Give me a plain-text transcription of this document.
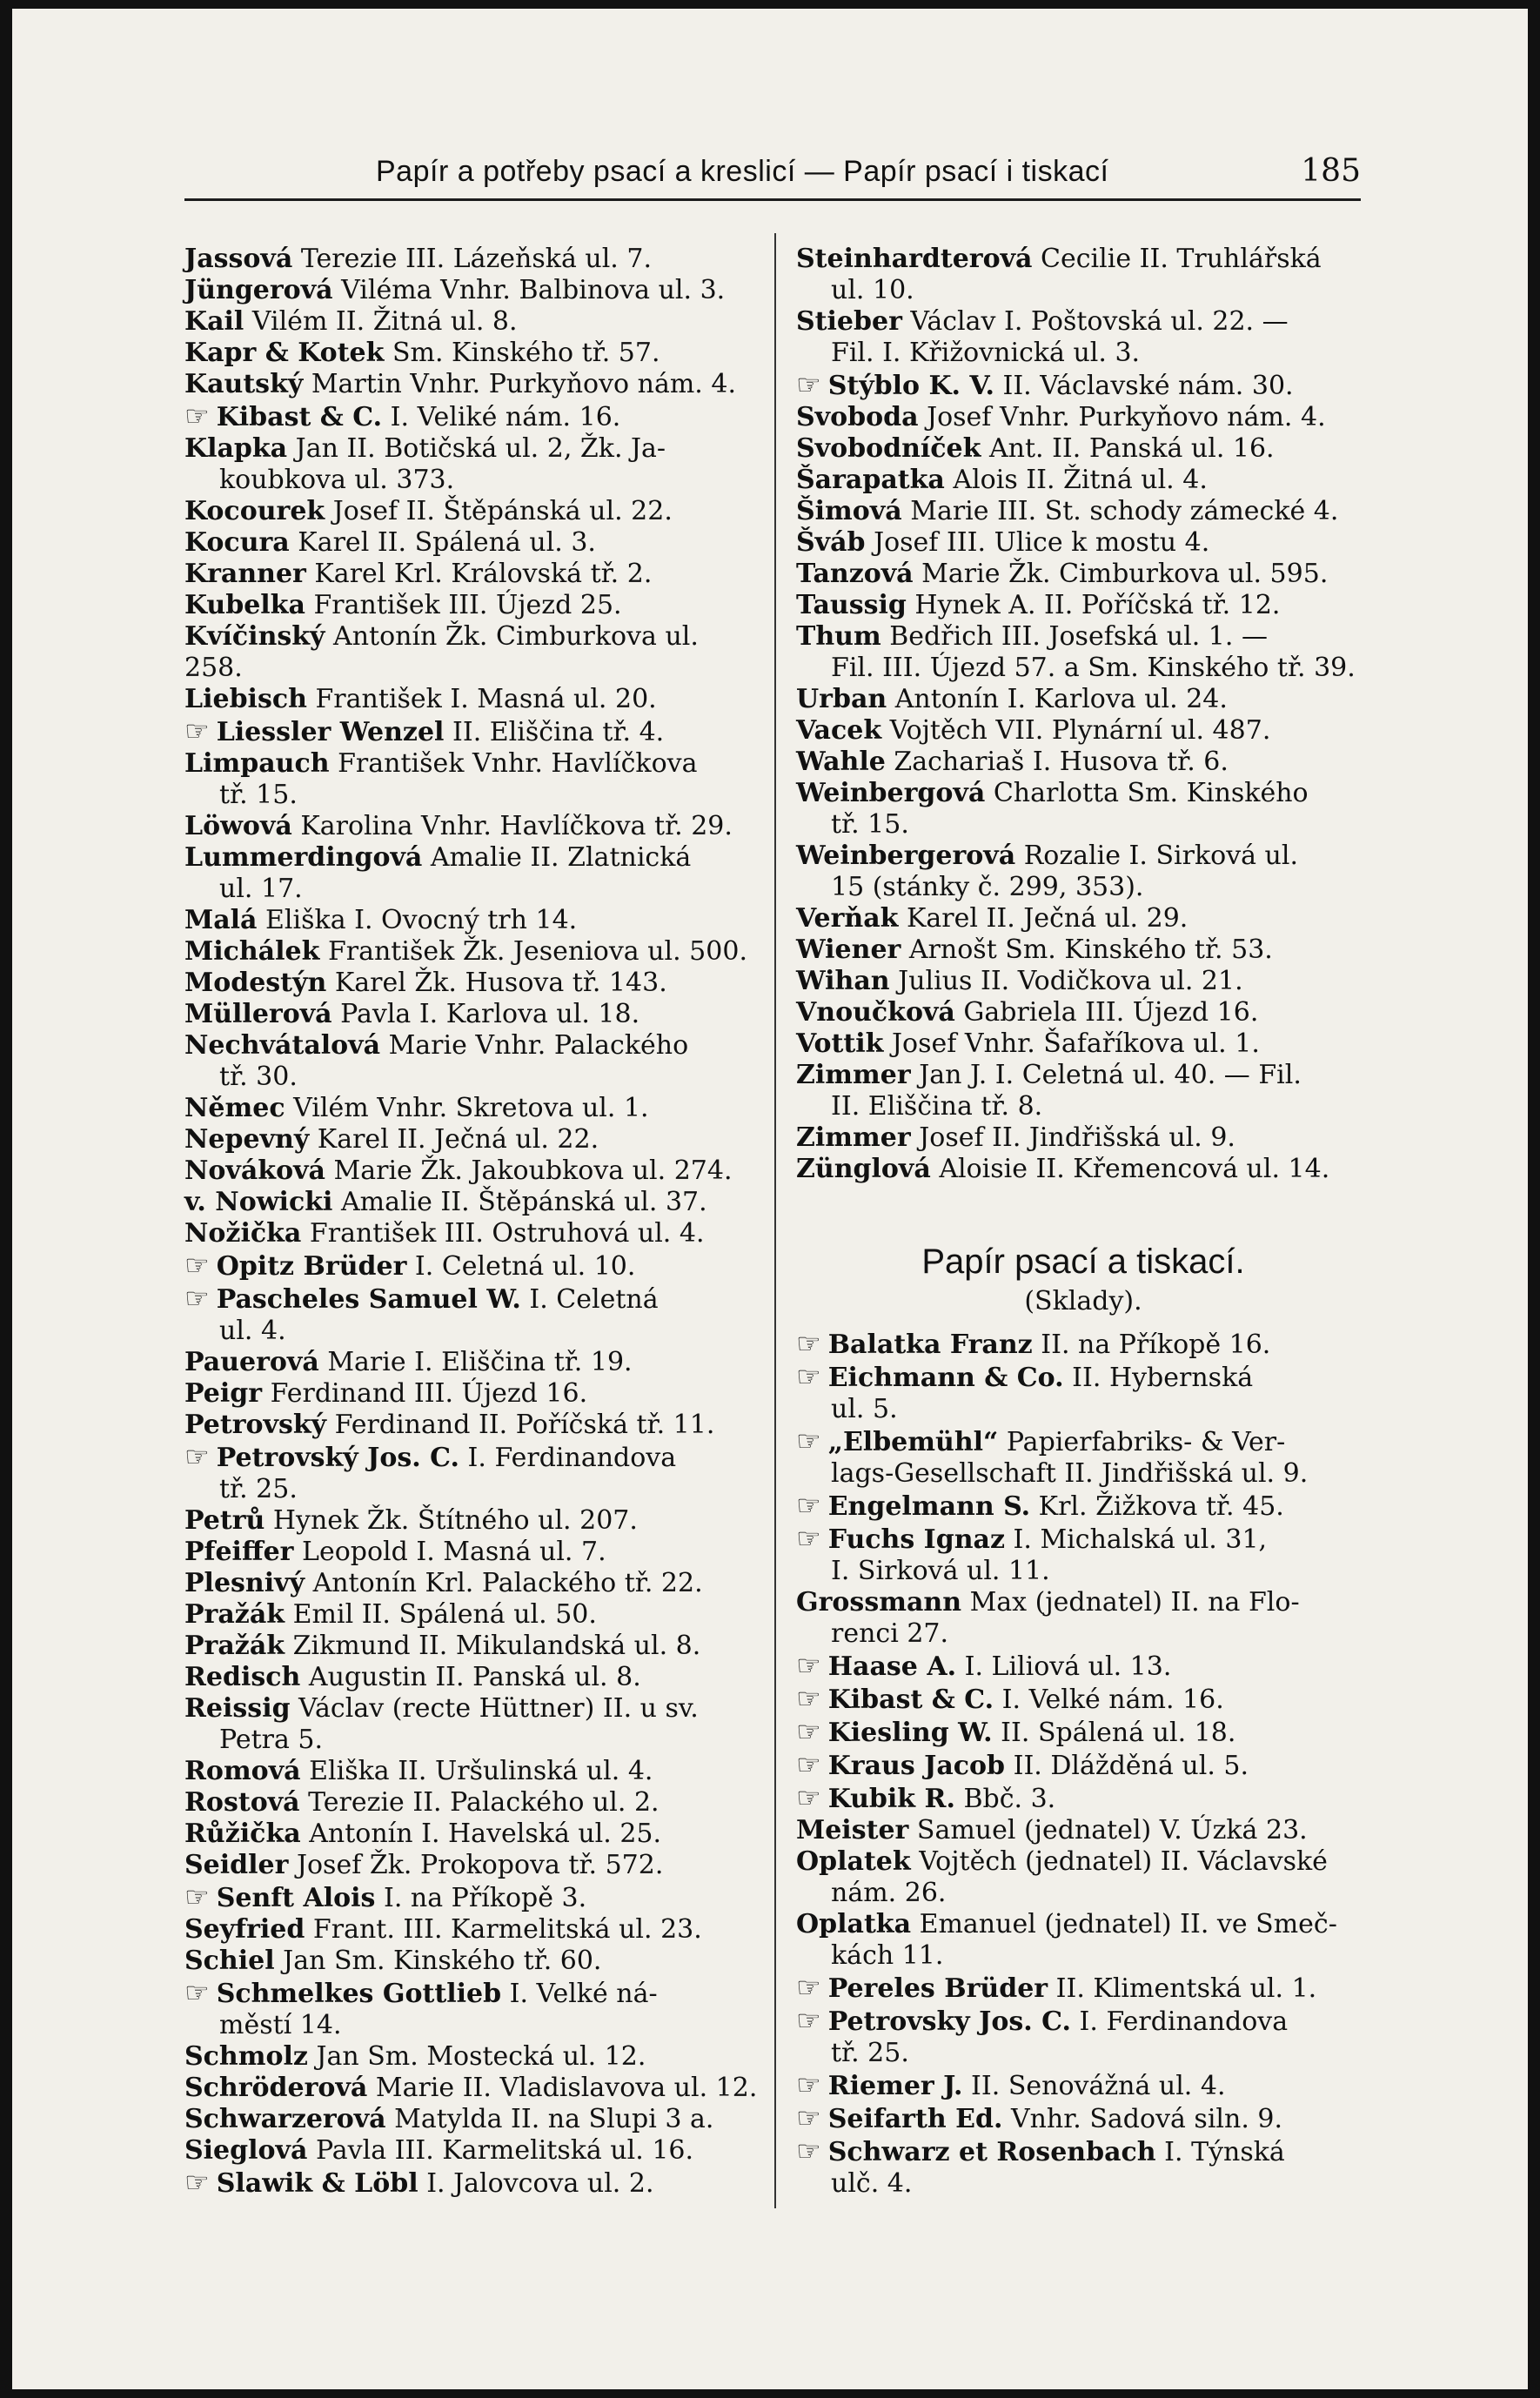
Papír a potřeby psací a kreslicí — Papír psací i tiskací	185
Jassová Terezie III. Lázeňská ul. 7.
Jüngerová Viléma Vnhr. Balbinova ul. 3.
Kail Vilém II. Žitná ul. 8.
Kapr & Kotek Sm. Kinského tř. 57.
Kautský Martin Vnhr. Purkyňovo nám. 4.
☞ Kibast & C. I. Veliké nám. 16.
Klapka Jan II. Botičská ul. 2, Žk. Ja-
koubkova ul. 373.
Kocourek Josef II. Štěpánská ul. 22.
Kocura Karel II. Spálená ul. 3.
Kranner Karel Krl. Královská tř. 2.
Kubelka František III. Újezd 25.
Kvíčinský Antonín Žk. Cimburkova ul. 258.
Liebisch František I. Masná ul. 20.
☞ Liessler Wenzel II. Eliščina tř. 4.
Limpauch František Vnhr. Havlíčkova
tř. 15.
Löwová Karolina Vnhr. Havlíčkova tř. 29.
Lummerdingová Amalie II. Zlatnická
ul. 17.
Malá Eliška I. Ovocný trh 14.
Michálek František Žk. Jeseniova ul. 500.
Modestýn Karel Žk. Husova tř. 143.
Müllerová Pavla I. Karlova ul. 18.
Nechvátalová Marie Vnhr. Palackého
tř. 30.
Němec Vilém Vnhr. Skretova ul. 1.
Nepevný Karel II. Ječná ul. 22.
Nováková Marie Žk. Jakoubkova ul. 274.
v. Nowicki Amalie II. Štěpánská ul. 37.
Nožička František III. Ostruhová ul. 4.
☞ Opitz Brüder I. Celetná ul. 10.
☞ Pascheles Samuel W. I. Celetná
ul. 4.
Pauerová Marie I. Eliščina tř. 19.
Peigr Ferdinand III. Újezd 16.
Petrovský Ferdinand II. Poříčská tř. 11.
☞ Petrovský Jos. C. I. Ferdinandova
tř. 25.
Petrů Hynek Žk. Štítného ul. 207.
Pfeiffer Leopold I. Masná ul. 7.
Plesnivý Antonín Krl. Palackého tř. 22.
Pražák Emil II. Spálená ul. 50.
Pražák Zikmund II. Mikulandská ul. 8.
Redisch Augustin II. Panská ul. 8.
Reissig Václav (recte Hüttner) II. u sv.
Petra 5.
Romová Eliška II. Uršulinská ul. 4.
Rostová Terezie II. Palackého ul. 2.
Růžička Antonín I. Havelská ul. 25.
Seidler Josef Žk. Prokopova tř. 572.
☞ Senft Alois I. na Příkopě 3.
Seyfried Frant. III. Karmelitská ul. 23.
Schiel Jan Sm. Kinského tř. 60.
☞ Schmelkes Gottlieb I. Velké ná-
městí 14.
Schmolz Jan Sm. Mostecká ul. 12.
Schröderová Marie II. Vladislavova ul. 12.
Schwarzerová Matylda II. na Slupi 3 a.
Sieglová Pavla III. Karmelitská ul. 16.
☞ Slawik & Löbl I. Jalovcova ul. 2.
Steinhardterová Cecilie II. Truhlářská
ul. 10.
Stieber Václav I. Poštovská ul. 22. —
Fil. I. Křižovnická ul. 3.
☞ Stýblo K. V. II. Václavské nám. 30.
Svoboda Josef Vnhr. Purkyňovo nám. 4.
Svobodníček Ant. II. Panská ul. 16.
Šarapatka Alois II. Žitná ul. 4.
Šimová Marie III. St. schody zámecké 4.
Šváb Josef III. Ulice k mostu 4.
Tanzová Marie Žk. Cimburkova ul. 595.
Taussig Hynek A. II. Poříčská tř. 12.
Thum Bedřich III. Josefská ul. 1. —
Fil. III. Újezd 57. a Sm. Kinského tř. 39.
Urban Antonín I. Karlova ul. 24.
Vacek Vojtěch VII. Plynární ul. 487.
Wahle Zachariaš I. Husova tř. 6.
Weinbergová Charlotta Sm. Kinského
tř. 15.
Weinbergerová Rozalie I. Sirková ul.
15 (stánky č. 299, 353).
Verňak Karel II. Ječná ul. 29.
Wiener Arnošt Sm. Kinského tř. 53.
Wihan Julius II. Vodičkova ul. 21.
Vnoučková Gabriela III. Újezd 16.
Vottik Josef Vnhr. Šafaříkova ul. 1.
Zimmer Jan J. I. Celetná ul. 40. — Fil.
II. Eliščina tř. 8.
Zimmer Josef II. Jindřišská ul. 9.
Zünglová Aloisie II. Křemencová ul. 14.
Papír psací a tiskací.
(Sklady).
☞ Balatka Franz II. na Příkopě 16.
☞ Eichmann & Co. II. Hybernská
ul. 5.
☞ „Elbemühl“ Papierfabriks- & Ver-
lags-Gesellschaft II. Jindřišská ul. 9.
☞ Engelmann S. Krl. Žižkova tř. 45.
☞ Fuchs Ignaz I. Michalská ul. 31,
I. Sirková ul. 11.
Grossmann Max (jednatel) II. na Flo-
renci 27.
☞ Haase A. I. Liliová ul. 13.
☞ Kibast & C. I. Velké nám. 16.
☞ Kiesling W. II. Spálená ul. 18.
☞ Kraus Jacob II. Dlážděná ul. 5.
☞ Kubik R. Bbč. 3.
Meister Samuel (jednatel) V. Úzká 23.
Oplatek Vojtěch (jednatel) II. Václavské
nám. 26.
Oplatka Emanuel (jednatel) II. ve Smeč-
kách 11.
☞ Pereles Brüder II. Klimentská ul. 1.
☞ Petrovsky Jos. C. I. Ferdinandova
tř. 25.
☞ Riemer J. II. Senovážná ul. 4.
☞ Seifarth Ed. Vnhr. Sadová siln. 9.
☞ Schwarz et Rosenbach I. Týnská
ulč. 4.
